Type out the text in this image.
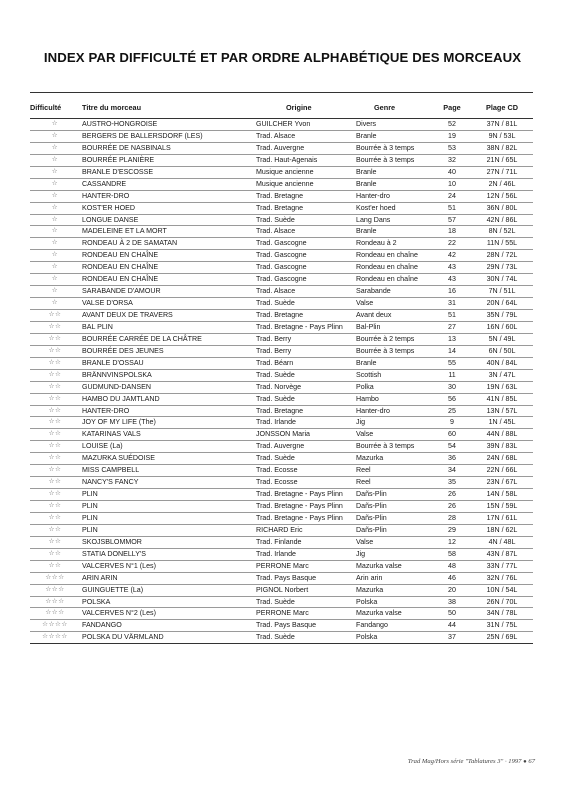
INDEX PAR DIFFICULTÉ ET PAR ORDRE ALPHABÉTIQUE DES MORCEAUX
Difficulté	Titre du morceau	Origine	Genre	Page	Plage CD
☆	AUSTRO-HONGROISE	GUILCHER Yvon	Divers	52	37N / 81L
☆	BERGERS DE BALLERSDORF (LES)	Trad. Alsace	Branle	19	9N / 53L
☆	BOURRÉE DE NASBINALS	Trad. Auvergne	Bourrée à 3 temps	53	38N / 82L
☆	BOURRÉE PLANIÈRE	Trad. Haut-Agenais	Bourrée à 3 temps	32	21N / 65L
☆	BRANLE D'ESCOSSE	Musique ancienne	Branle	40	27N / 71L
☆	CASSANDRE	Musique ancienne	Branle	10	2N / 46L
☆	HANTER-DRO	Trad. Bretagne	Hanter-dro	24	12N / 56L
☆	KOST'ER HOED	Trad. Bretagne	Kost'er hoed	51	36N / 80L
☆	LONGUE DANSE	Trad. Suède	Lang Dans	57	42N / 86L
☆	MADELEINE ET LA MORT	Trad. Alsace	Branle	18	8N / 52L
☆	RONDEAU À 2 DE SAMATAN	Trad. Gascogne	Rondeau à 2	22	11N / 55L
☆	RONDEAU EN CHAÎNE	Trad. Gascogne	Rondeau en chaîne	42	28N / 72L
☆	RONDEAU EN CHAÎNE	Trad. Gascogne	Rondeau en chaîne	43	29N / 73L
☆	RONDEAU EN CHAÎNE	Trad. Gascogne	Rondeau en chaîne	43	30N / 74L
☆	SARABANDE D'AMOUR	Trad. Alsace	Sarabande	16	7N / 51L
☆	VALSE D'ORSA	Trad. Suède	Valse	31	20N / 64L
☆☆	AVANT DEUX DE TRAVERS	Trad. Bretagne	Avant deux	51	35N / 79L
☆☆	BAL PLIN	Trad. Bretagne - Pays Plinn	Bal-Plin	27	16N / 60L
☆☆	BOURRÉE CARRÉE DE LA CHÂTRE	Trad. Berry	Bourrée à 2 temps	13	5N / 49L
☆☆	BOURRÉE DES JEUNES	Trad. Berry	Bourrée à 3 temps	14	6N / 50L
☆☆	BRANLE D'OSSAU	Trad. Béarn	Branle	55	40N / 84L
☆☆	BRÄNNVINSPOLSKA	Trad. Suède	Scottish	11	3N / 47L
☆☆	GUDMUND-DANSEN	Trad. Norvège	Polka	30	19N / 63L
☆☆	HAMBO DU JAMTLAND	Trad. Suède	Hambo	56	41N / 85L
☆☆	HANTER-DRO	Trad. Bretagne	Hanter-dro	25	13N / 57L
☆☆	JOY OF MY LIFE (The)	Trad. Irlande	Jig	9	1N / 45L
☆☆	KATARINAS VALS	JONSSON Maria	Valse	60	44N / 88L
☆☆	LOUISE (La)	Trad. Auvergne	Bourrée à 3 temps	54	39N / 83L
☆☆	MAZURKA SUÉDOISE	Trad. Suède	Mazurka	36	24N / 68L
☆☆	MISS CAMPBELL	Trad. Ecosse	Reel	34	22N / 66L
☆☆	NANCY'S FANCY	Trad. Ecosse	Reel	35	23N / 67L
☆☆	PLIN	Trad. Bretagne - Pays Plinn	Dañs-Plin	26	14N / 58L
☆☆	PLIN	Trad. Bretagne - Pays Plinn	Dañs-Plin	26	15N / 59L
☆☆	PLIN	Trad. Bretagne - Pays Plinn	Dañs-Plin	28	17N / 61L
☆☆	PLIN	RICHARD Eric	Dañs-Plin	29	18N / 62L
☆☆	SKOJSBLOMMOR	Trad. Finlande	Valse	12	4N / 48L
☆☆	STATIA DONELLY'S	Trad. Irlande	Jig	58	43N / 87L
☆☆	VALCERVES N°1 (Les)	PERRONE Marc	Mazurka valse	48	33N / 77L
☆☆☆	ARIN ARIN	Trad. Pays Basque	Arin arin	46	32N / 76L
☆☆☆	GUINGUETTE (La)	PIGNOL Norbert	Mazurka	20	10N / 54L
☆☆☆	POLSKA	Trad. Suède	Polska	38	26N / 70L
☆☆☆	VALCERVES N°2 (Les)	PERRONE Marc	Mazurka valse	50	34N / 78L
☆☆☆☆	FANDANGO	Trad. Pays Basque	Fandango	44	31N / 75L
☆☆☆☆	POLSKA DU VÄRMLAND	Trad. Suède	Polska	37	25N / 69L
Trad Mag/Hors série "Tablatures 3" · 1997 ● 67
